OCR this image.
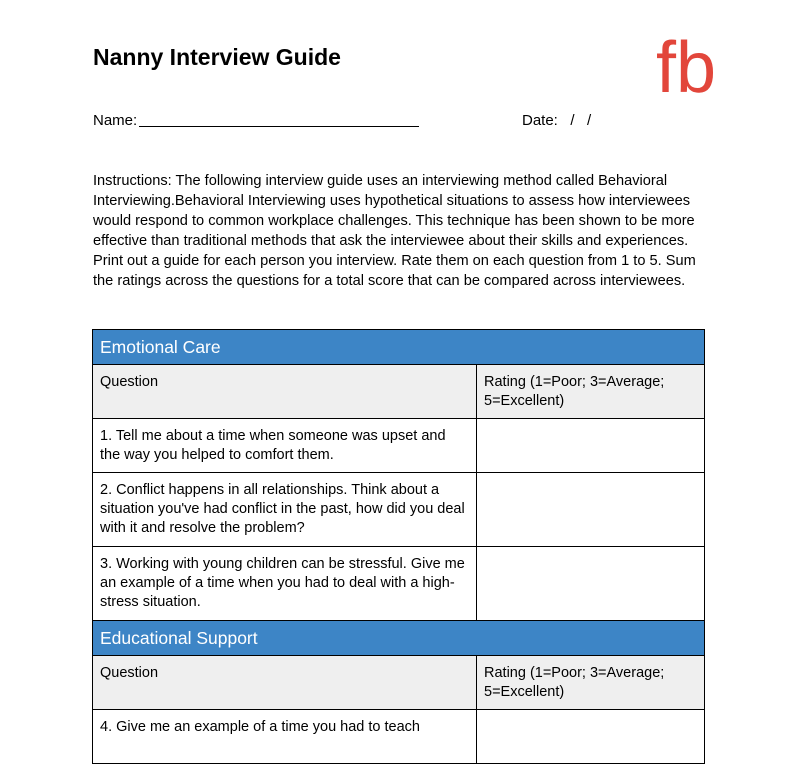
Nanny Interview Guide	fb
Name:	Date:   /   /

Instructions: The following interview guide uses an interviewing method called Behavioral Interviewing.Behavioral Interviewing uses hypothetical situations to assess how interviewees would respond to common workplace challenges. This technique has been shown to be more effective than traditional methods that ask the interviewee about their skills and experiences. Print out a guide for each person you interview. Rate them on each question from 1 to 5. Sum the ratings across the questions for a total score that can be compared across interviewees.

Emotional Care	
Question	Rating (1=Poor; 3=Average; 5=Excellent)
1. Tell me about a time when someone was upset and the way you helped to comfort them.	
2. Conflict happens in all relationships. Think about a situation you've had conflict in the past, how did you deal with it and resolve the problem?	
3. Working with young children can be stressful. Give me an example of a time when you had to deal with a high-stress situation.	
Educational Support	
Question	Rating (1=Poor; 3=Average; 5=Excellent)
4. Give me an example of a time you had to teach	
